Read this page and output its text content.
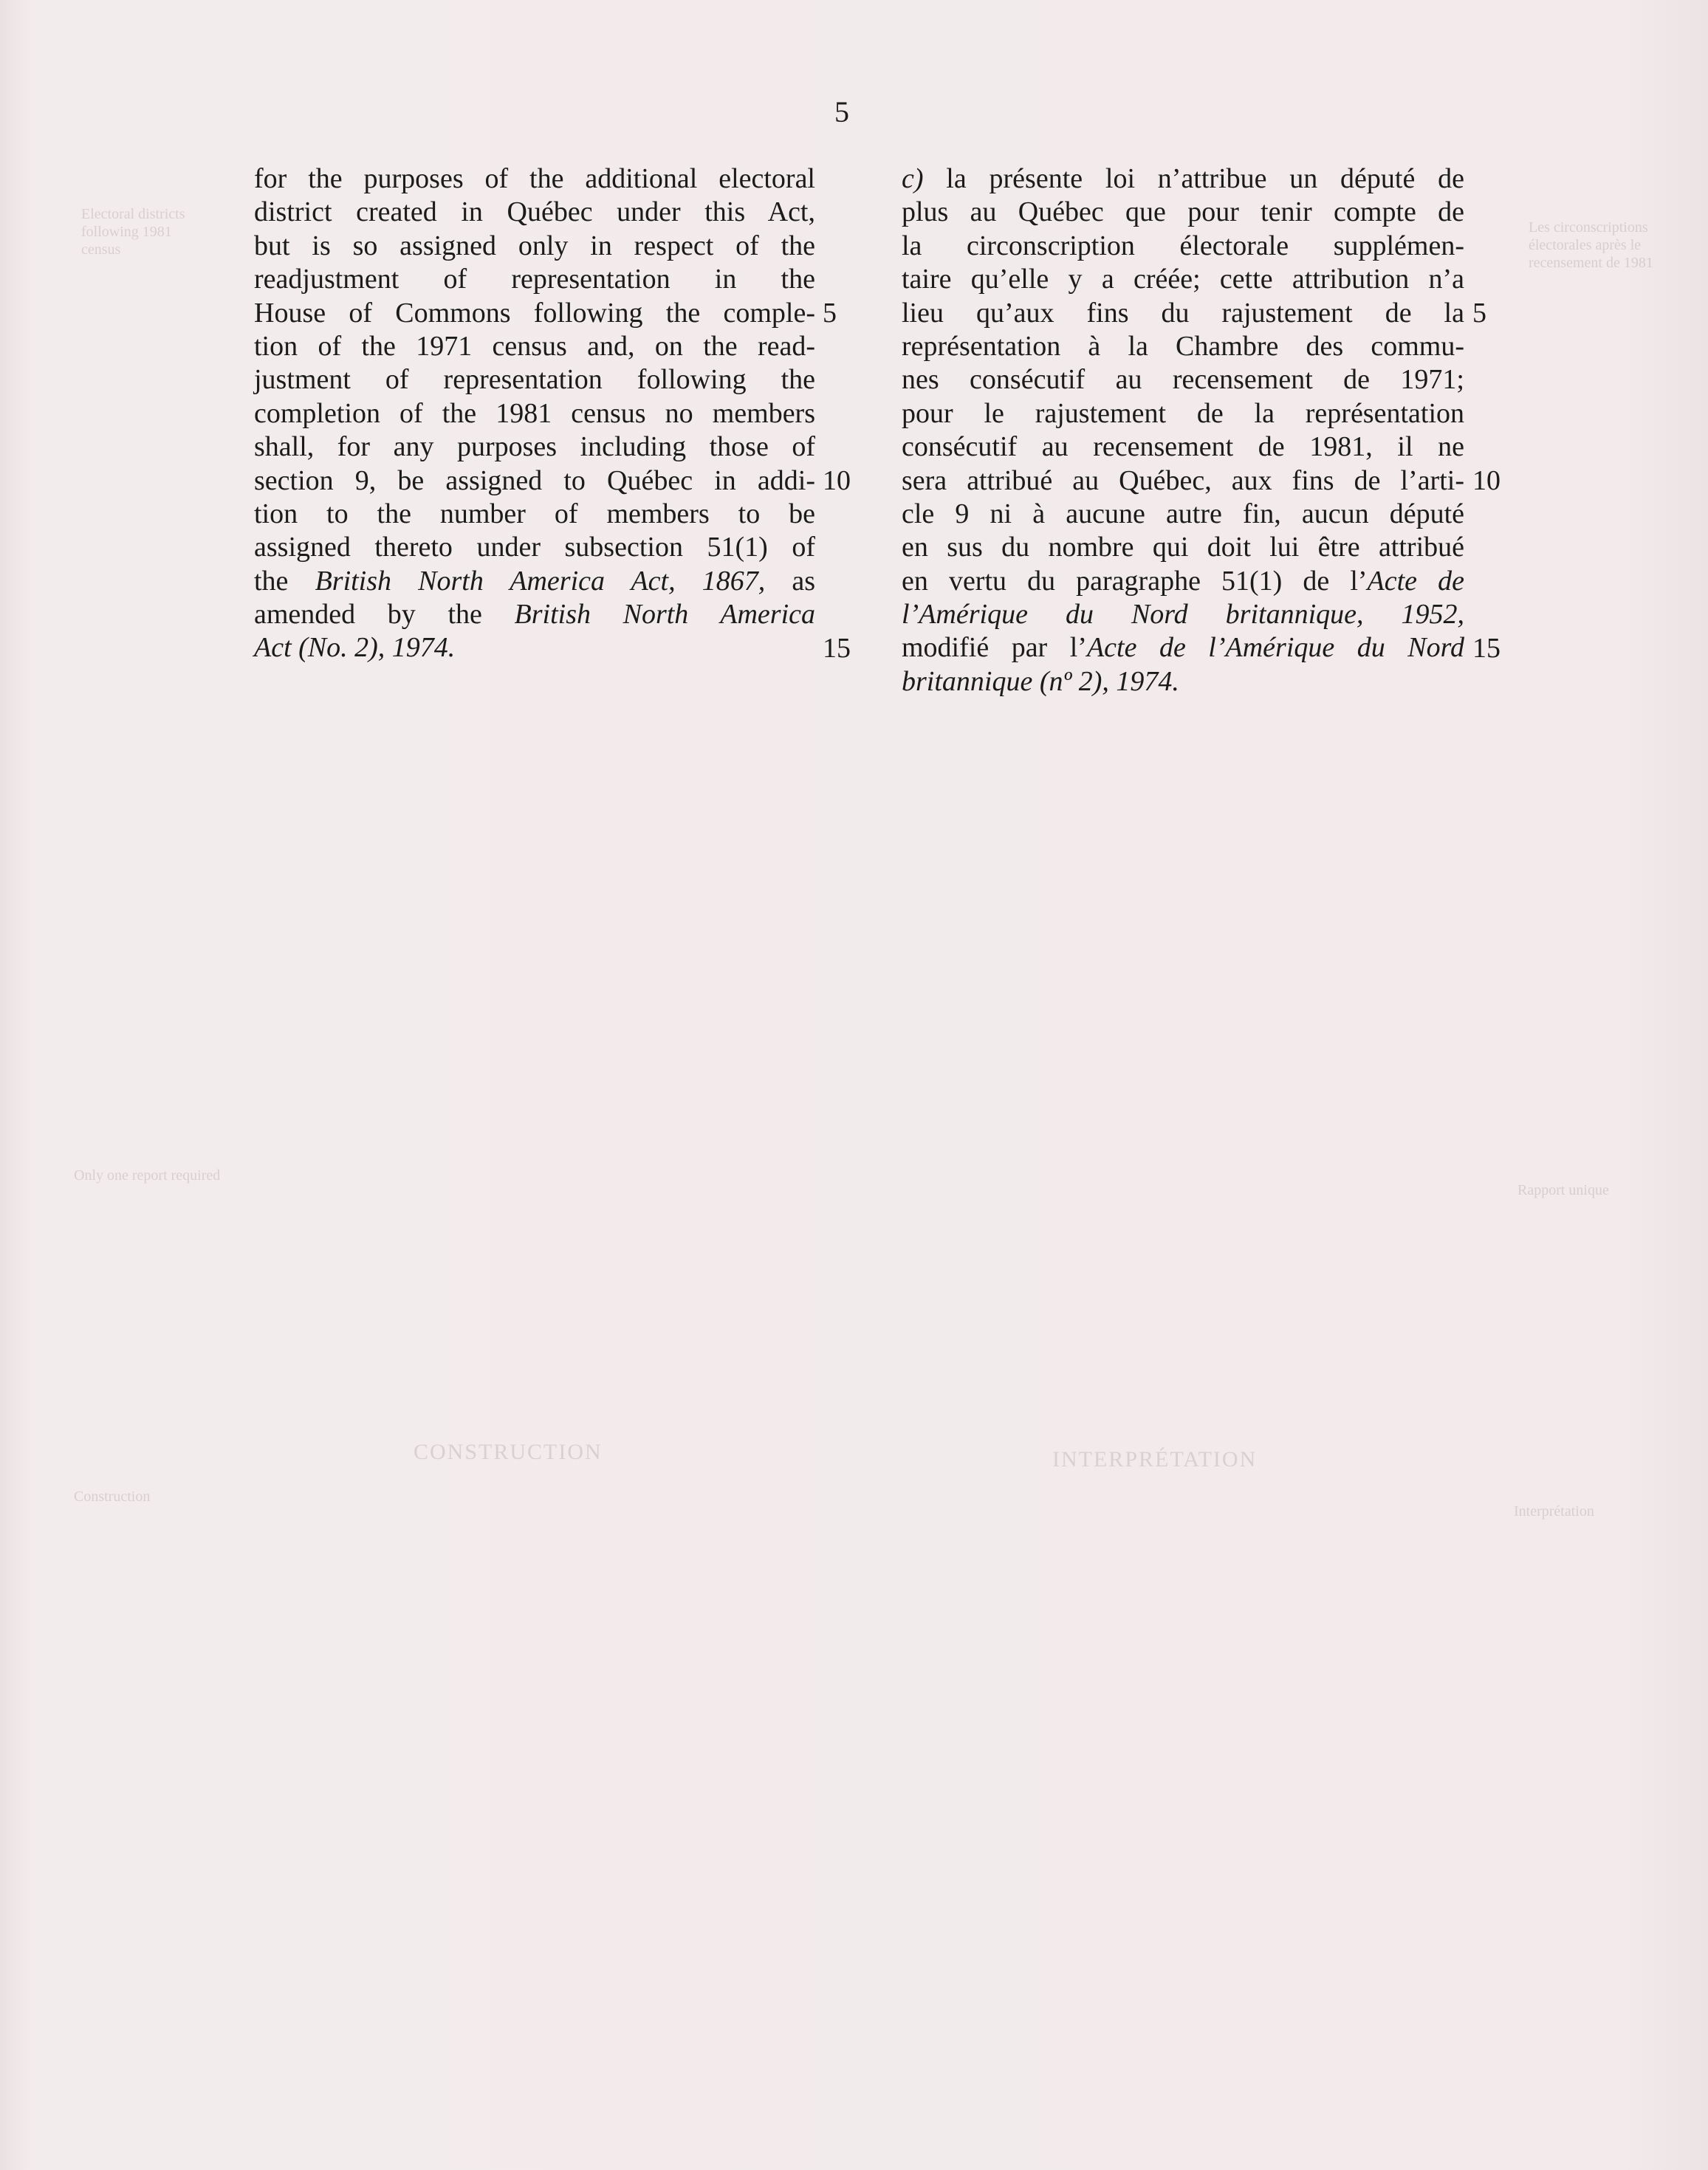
Electoral districts following 1981 census
Les circonscriptions électorales après le recensement de 1981
Only one report required
Rapport unique
Construction
Interprétation
CONSTRUCTION	INTERPRÉTATION
5
for the purposes of the additional electoral
district created in Québec under this Act,
but is so assigned only in respect of the
readjustment of representation in the
House of Commons following the comple-
tion of the 1971 census and, on the read-
justment of representation following the
completion of the 1981 census no members
shall, for any purposes including those of
section 9, be assigned to Québec in addi-
tion to the number of members to be
assigned thereto under subsection 51(1) of
the British North America Act, 1867, as
amended by the British North America
Act (No. 2), 1974.
c) la présente loi n’attribue un député de
plus au Québec que pour tenir compte de
la circonscription électorale supplémen-
taire qu’elle y a créée; cette attribution n’a
lieu qu’aux fins du rajustement de la
représentation à la Chambre des commu-
nes consécutif au recensement de 1971;
pour le rajustement de la représentation
consécutif au recensement de 1981, il ne
sera attribué au Québec, aux fins de l’arti-
cle 9 ni à aucune autre fin, aucun député
en sus du nombre qui doit lui être attribué
en vertu du paragraphe 51(1) de l’Acte de
l’Amérique du Nord britannique, 1952,
modifié par l’Acte de l’Amérique du Nord
britannique (nº 2), 1974.
5
10
15
5
10
15
